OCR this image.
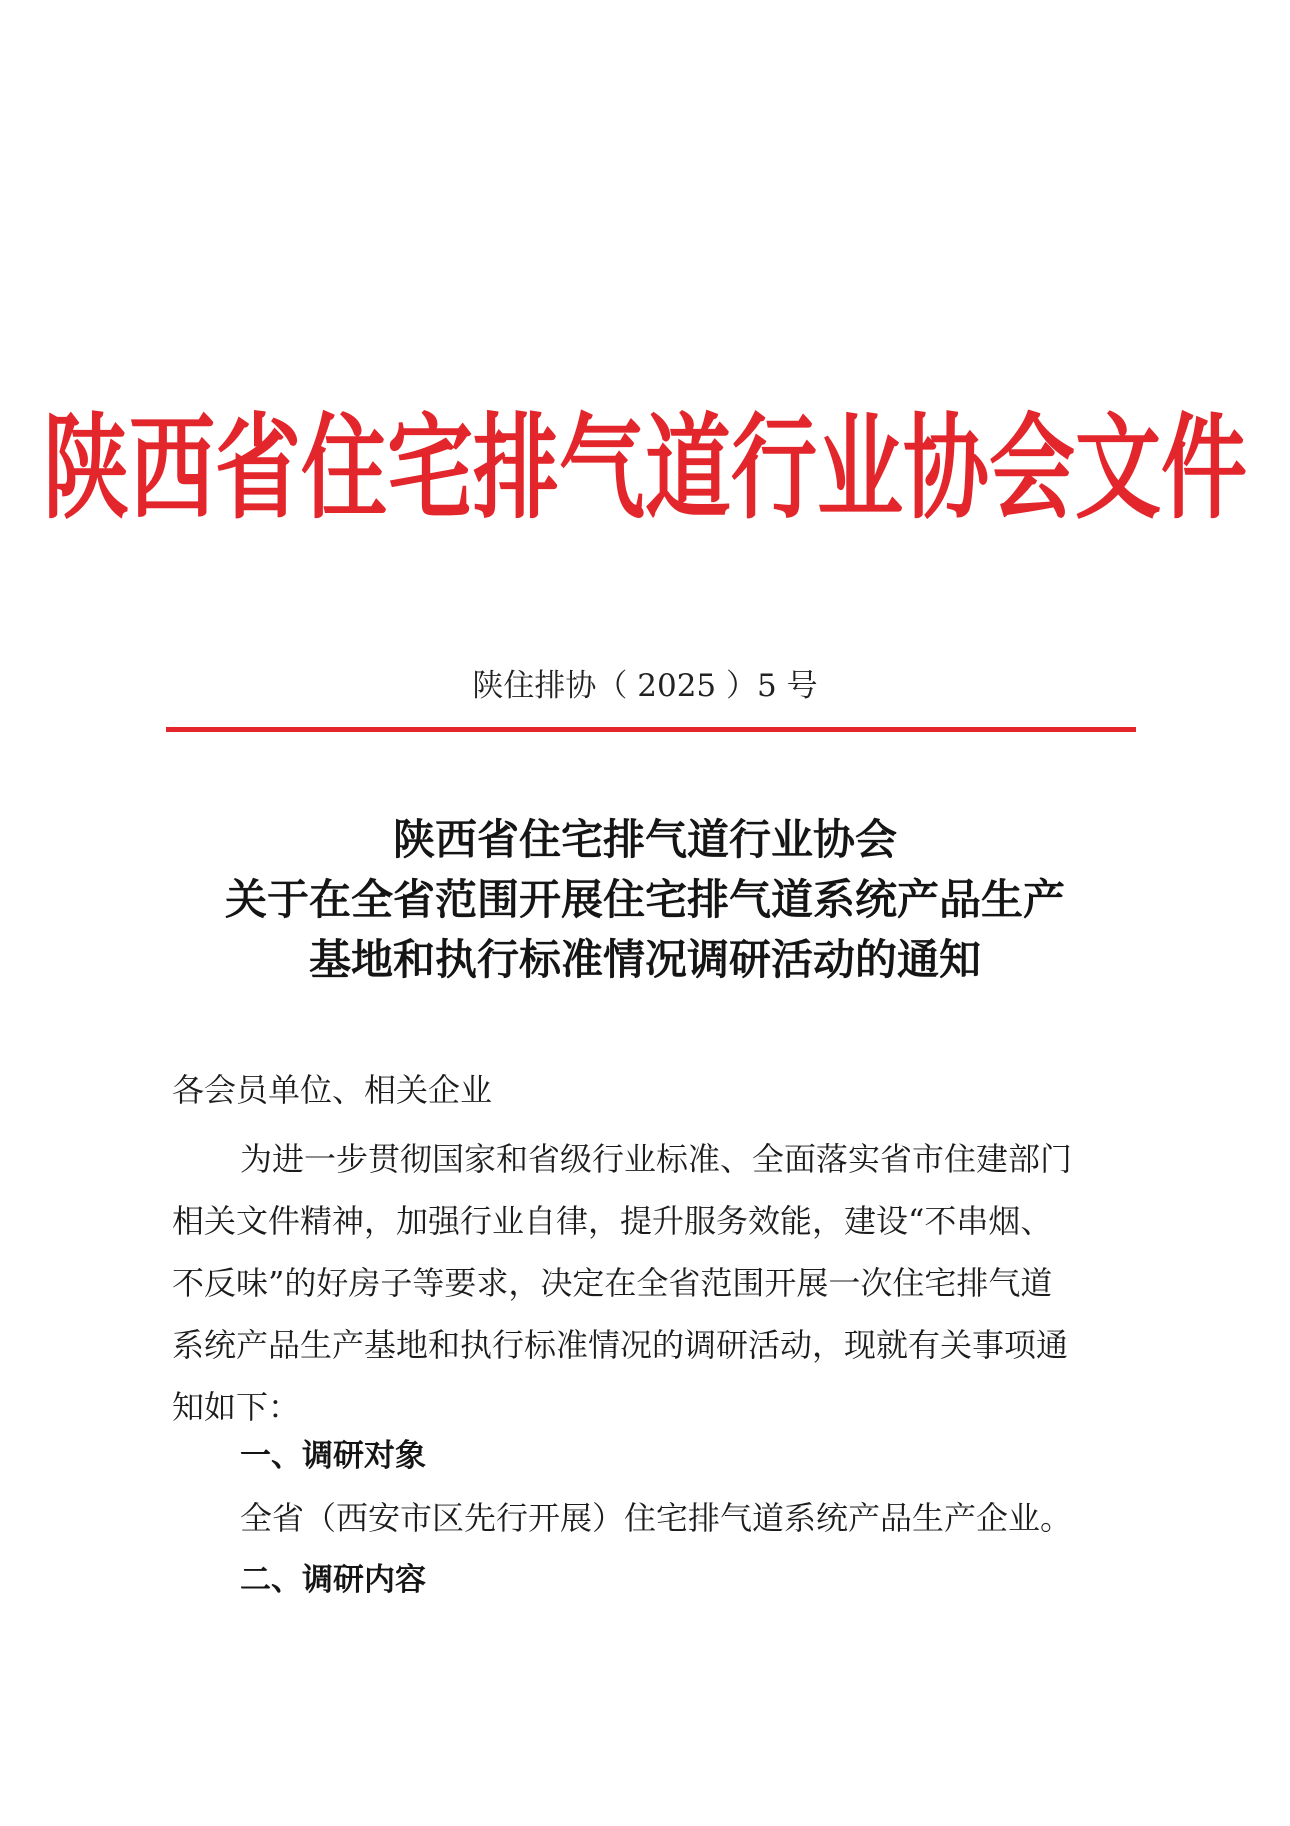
陕西省住宅排气道行业协会文件
陕住排协（ 2025 ）5 号
陕西省住宅排气道行业协会
关于在全省范围开展住宅排气道系统产品生产
基地和执行标准情况调研活动的通知
各会员单位、相关企业
为进一步贯彻国家和省级行业标准、全面落实省市住建部门
相关文件精神，加强行业自律，提升服务效能，建设“不串烟、
不反味”的好房子等要求，决定在全省范围开展一次住宅排气道
系统产品生产基地和执行标准情况的调研活动，现就有关事项通
知如下：
一、调研对象
全省（西安市区先行开展）住宅排气道系统产品生产企业。
二、调研内容
